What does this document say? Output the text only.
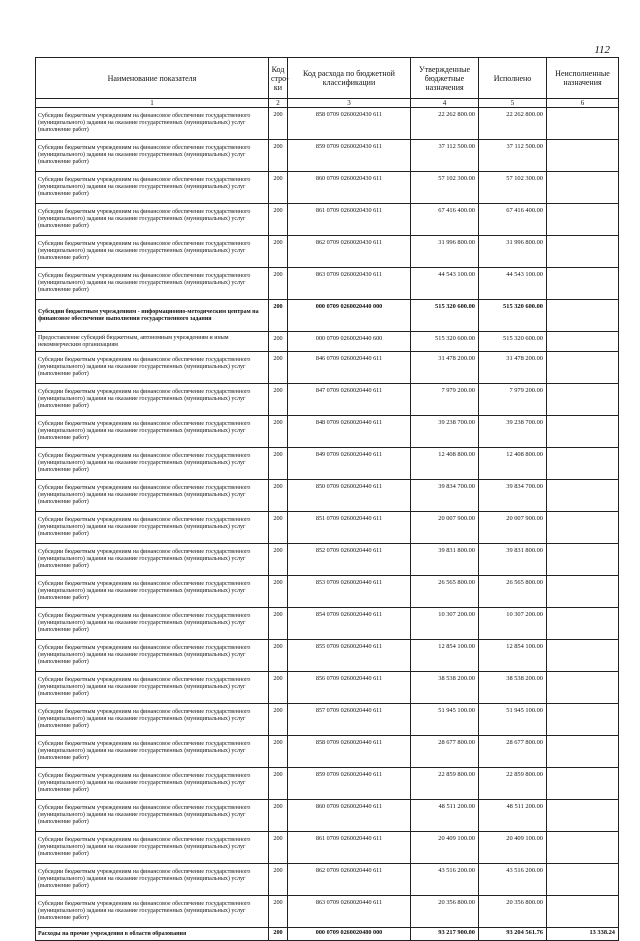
112
Наименование показателя	Код стро- ки	Код расхода по бюджетной классификации	Утвержденные бюджетные назначения	Исполнено	Неисполненные назначения
1	2	3	4	5	6
Субсидии бюджетным учреждениям на финансовое обеспечение государственного (муниципального) задания на оказание государственных (муниципальных) услуг (выполнение работ)	200	858 0709 0260020430 611	22 262 800.00	22 262 800.00	
Субсидии бюджетным учреждениям на финансовое обеспечение государственного (муниципального) задания на оказание государственных (муниципальных) услуг (выполнение работ)	200	859 0709 0260020430 611	37 112 500.00	37 112 500.00	
Субсидии бюджетным учреждениям на финансовое обеспечение государственного (муниципального) задания на оказание государственных (муниципальных) услуг (выполнение работ)	200	860 0709 0260020430 611	57 102 300.00	57 102 300.00	
Субсидии бюджетным учреждениям на финансовое обеспечение государственного (муниципального) задания на оказание государственных (муниципальных) услуг (выполнение работ)	200	861 0709 0260020430 611	67 416 400.00	67 416 400.00	
Субсидии бюджетным учреждениям на финансовое обеспечение государственного (муниципального) задания на оказание государственных (муниципальных) услуг (выполнение работ)	200	862 0709 0260020430 611	31 996 800.00	31 996 800.00	
Субсидии бюджетным учреждениям на финансовое обеспечение государственного (муниципального) задания на оказание государственных (муниципальных) услуг (выполнение работ)	200	863 0709 0260020430 611	44 543 100.00	44 543 100.00	
Субсидии бюджетным учреждениям - информационно-методическим центрам на финансовое обеспечение выполнения государственного задания	200	000 0709 0260020440 000	515 320 600.00	515 320 600.00	
Предоставление субсидий бюджетным, автономным учреждениям и иным некоммерческим организациям	200	000 0709 0260020440 600	515 320 600.00	515 320 600.00	
Субсидии бюджетным учреждениям на финансовое обеспечение государственного (муниципального) задания на оказание государственных (муниципальных) услуг (выполнение работ)	200	846 0709 0260020440 611	31 478 200.00	31 478 200.00	
Субсидии бюджетным учреждениям на финансовое обеспечение государственного (муниципального) задания на оказание государственных (муниципальных) услуг (выполнение работ)	200	847 0709 0260020440 611	7 979 200.00	7 979 200.00	
Субсидии бюджетным учреждениям на финансовое обеспечение государственного (муниципального) задания на оказание государственных (муниципальных) услуг (выполнение работ)	200	848 0709 0260020440 611	39 238 700.00	39 238 700.00	
Субсидии бюджетным учреждениям на финансовое обеспечение государственного (муниципального) задания на оказание государственных (муниципальных) услуг (выполнение работ)	200	849 0709 0260020440 611	12 408 800.00	12 408 800.00	
Субсидии бюджетным учреждениям на финансовое обеспечение государственного (муниципального) задания на оказание государственных (муниципальных) услуг (выполнение работ)	200	850 0709 0260020440 611	39 834 700.00	39 834 700.00	
Субсидии бюджетным учреждениям на финансовое обеспечение государственного (муниципального) задания на оказание государственных (муниципальных) услуг (выполнение работ)	200	851 0709 0260020440 611	20 007 900.00	20 007 900.00	
Субсидии бюджетным учреждениям на финансовое обеспечение государственного (муниципального) задания на оказание государственных (муниципальных) услуг (выполнение работ)	200	852 0709 0260020440 611	39 831 800.00	39 831 800.00	
Субсидии бюджетным учреждениям на финансовое обеспечение государственного (муниципального) задания на оказание государственных (муниципальных) услуг (выполнение работ)	200	853 0709 0260020440 611	26 565 800.00	26 565 800.00	
Субсидии бюджетным учреждениям на финансовое обеспечение государственного (муниципального) задания на оказание государственных (муниципальных) услуг (выполнение работ)	200	854 0709 0260020440 611	10 307 200.00	10 307 200.00	
Субсидии бюджетным учреждениям на финансовое обеспечение государственного (муниципального) задания на оказание государственных (муниципальных) услуг (выполнение работ)	200	855 0709 0260020440 611	12 854 100.00	12 854 100.00	
Субсидии бюджетным учреждениям на финансовое обеспечение государственного (муниципального) задания на оказание государственных (муниципальных) услуг (выполнение работ)	200	856 0709 0260020440 611	38 538 200.00	38 538 200.00	
Субсидии бюджетным учреждениям на финансовое обеспечение государственного (муниципального) задания на оказание государственных (муниципальных) услуг (выполнение работ)	200	857 0709 0260020440 611	51 945 100.00	51 945 100.00	
Субсидии бюджетным учреждениям на финансовое обеспечение государственного (муниципального) задания на оказание государственных (муниципальных) услуг (выполнение работ)	200	858 0709 0260020440 611	28 677 800.00	28 677 800.00	
Субсидии бюджетным учреждениям на финансовое обеспечение государственного (муниципального) задания на оказание государственных (муниципальных) услуг (выполнение работ)	200	859 0709 0260020440 611	22 859 800.00	22 859 800.00	
Субсидии бюджетным учреждениям на финансовое обеспечение государственного (муниципального) задания на оказание государственных (муниципальных) услуг (выполнение работ)	200	860 0709 0260020440 611	48 511 200.00	48 511 200.00	
Субсидии бюджетным учреждениям на финансовое обеспечение государственного (муниципального) задания на оказание государственных (муниципальных) услуг (выполнение работ)	200	861 0709 0260020440 611	20 409 100.00	20 409 100.00	
Субсидии бюджетным учреждениям на финансовое обеспечение государственного (муниципального) задания на оказание государственных (муниципальных) услуг (выполнение работ)	200	862 0709 0260020440 611	43 516 200.00	43 516 200.00	
Субсидии бюджетным учреждениям на финансовое обеспечение государственного (муниципального) задания на оказание государственных (муниципальных) услуг (выполнение работ)	200	863 0709 0260020440 611	20 356 800.00	20 356 800.00	
Расходы на прочие учреждения в области образования	200	000 0709 0260020480 000	93 217 900.00	93 204 561.76	13 338.24
